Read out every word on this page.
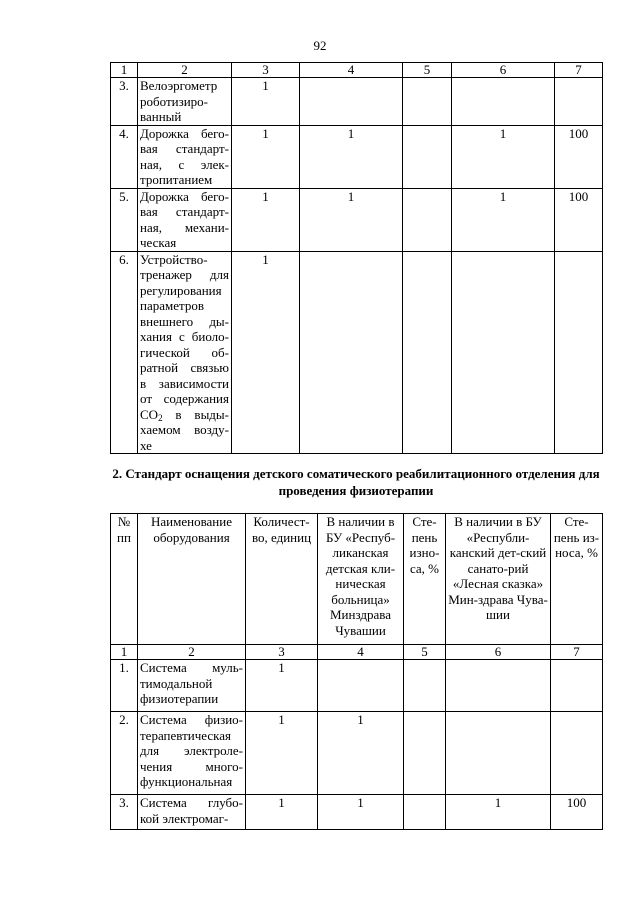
92
1	2	3	4	5	6	7
3.	Велоэргометр роботизиро-ванный	1				
4.	Дорожка бего-вая стандарт-ная, с элек-тропитанием	1	1		1	100
5.	Дорожка бего-вая стандарт-ная, механи-ческая	1	1		1	100
6.	Устройство-тренажер для регулирования параметров внешнего ды-хания с биоло-гической об-ратной связью в зависимости от содержания $CO_2$ в выды-хаемом возду-хе	1				
2. Стандарт оснащения детского соматического реабилитационного отделения для проведения физиотерапии
№ пп	Наименование оборудования	Количест-во, единиц	В наличии в БУ «Респуб-ликанская детская кли-ническая больница» Минздрава Чувашии	Сте-пень изно-са, %	В наличии в БУ «Республи-канский дет-ский санато-рий «Лесная сказка» Мин-здрава Чува-шии	Сте-пень из-носа, %
1	2	3	4	5	6	7
1.	Система муль-тимодальной физиотерапии	1				
2.	Система физио-терапевтическая для электроле-чения много-функциональная	1	1			
3.	Система глубо-кой электромаг-	1	1		1	100
